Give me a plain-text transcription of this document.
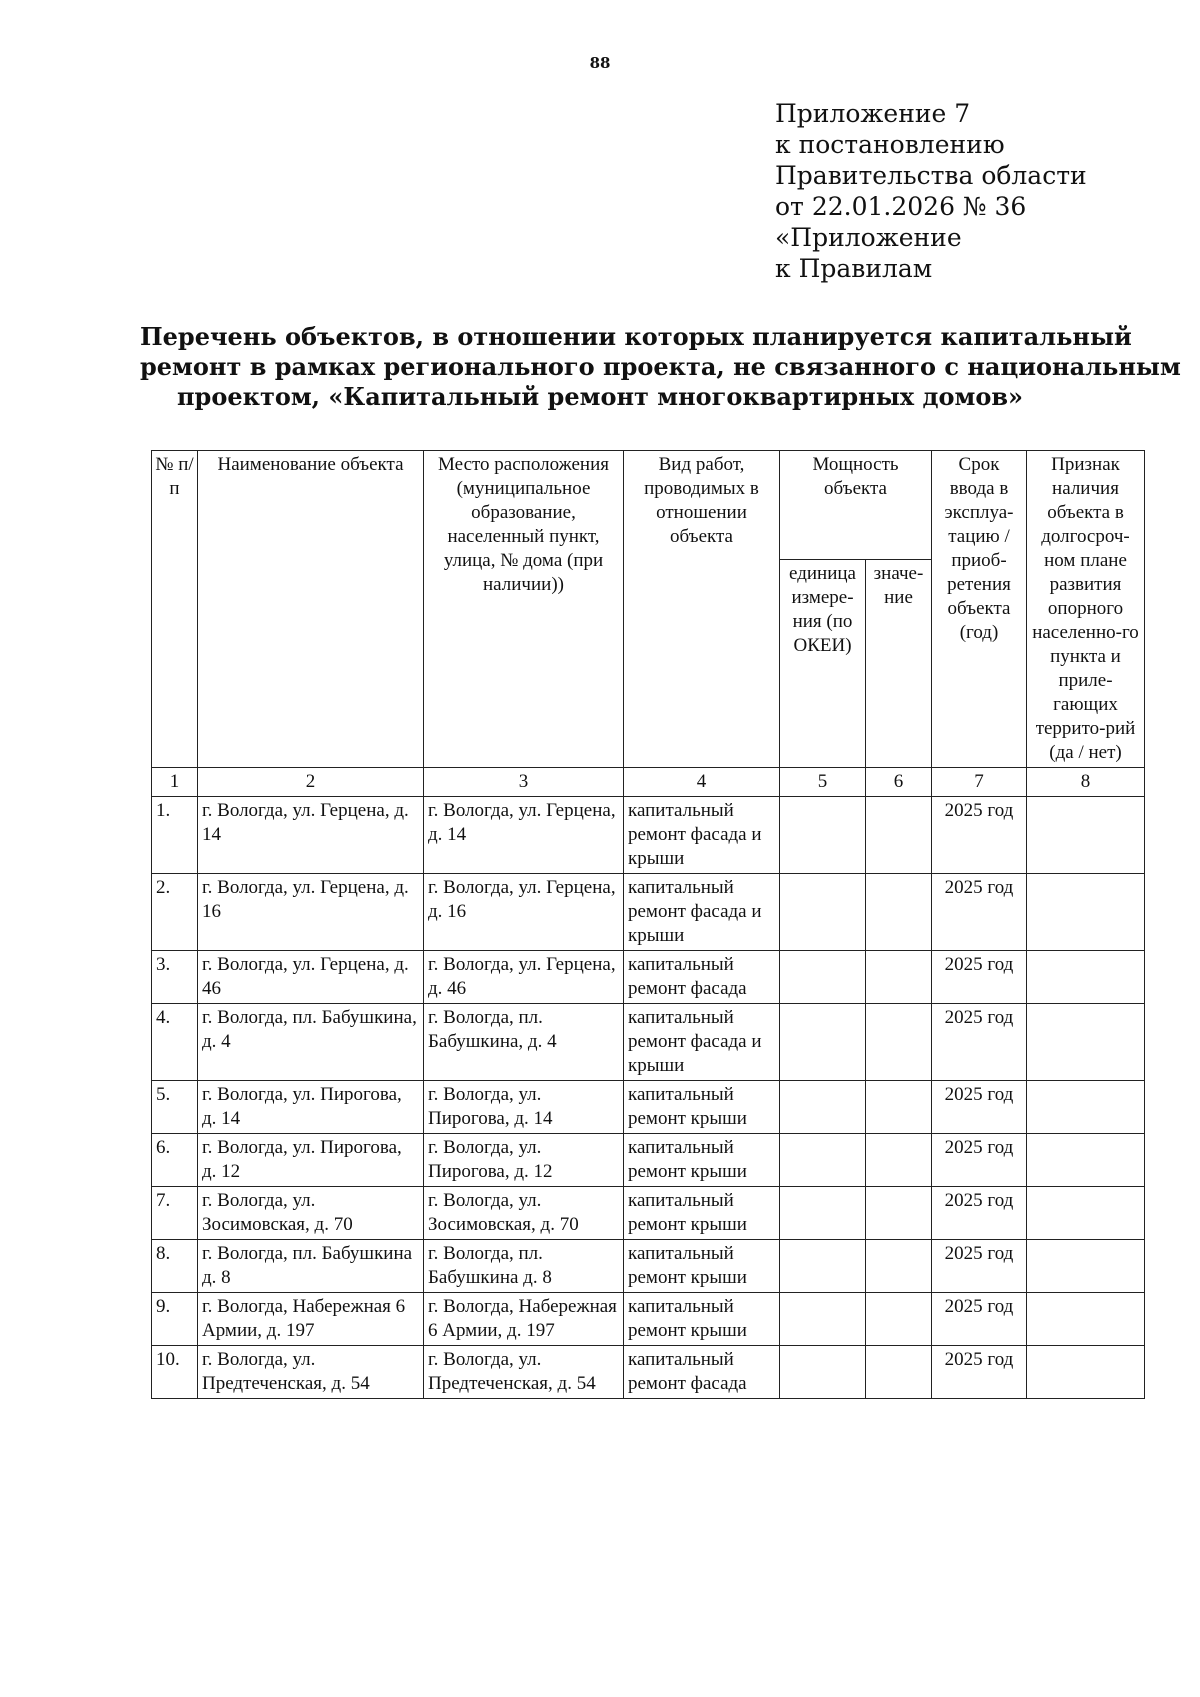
88
Приложение 7
к постановлению
Правительства области
от 22.01.2026 № 36
«Приложение
к Правилам
Перечень объектов, в отношении которых планируется капитальный
ремонт в рамках регионального проекта, не связанного с национальным
проектом, «Капитальный ремонт многоквартирных домов»
№ п/п	Наименование объекта	Место расположения (муниципальное образование, населенный пункт, улица, № дома (при наличии))	Вид работ, проводимых в отношении объекта	Мощность объекта		Срок ввода в эксплуа-тацию / приоб-ретения объекта (год)	Признак наличия объекта в долгосроч-ном плане развития опорного населенно-го пункта и приле-гающих террито-рий (да / нет)
				единица измере-ния (по ОКЕИ)	значе-ние		
1	2	3	4	5	6	7	8
1.	г. Вологда, ул. Герцена, д. 14	г. Вологда, ул. Герцена, д. 14	капитальный ремонт фасада и крыши			2025 год	
2.	г. Вологда, ул. Герцена, д. 16	г. Вологда, ул. Герцена, д. 16	капитальный ремонт фасада и крыши			2025 год	
3.	г. Вологда, ул. Герцена, д. 46	г. Вологда, ул. Герцена, д. 46	капитальный ремонт фасада			2025 год	
4.	г. Вологда, пл. Бабушкина, д. 4	г. Вологда, пл. Бабушкина, д. 4	капитальный ремонт фасада и крыши			2025 год	
5.	г. Вологда, ул. Пирогова, д. 14	г. Вологда, ул. Пирогова, д. 14	капитальный ремонт крыши			2025 год	
6.	г. Вологда, ул. Пирогова, д. 12	г. Вологда, ул. Пирогова, д. 12	капитальный ремонт крыши			2025 год	
7.	г. Вологда, ул. Зосимовская, д. 70	г. Вологда, ул. Зосимовская, д. 70	капитальный ремонт крыши			2025 год	
8.	г. Вологда, пл. Бабушкина д. 8	г. Вологда, пл. Бабушкина д. 8	капитальный ремонт крыши			2025 год	
9.	г. Вологда, Набережная 6 Армии, д. 197	г. Вологда, Набережная 6 Армии, д. 197	капитальный ремонт крыши			2025 год	
10.	г. Вологда, ул. Предтеченская, д. 54	г. Вологда, ул. Предтеченская, д. 54	капитальный ремонт фасада			2025 год	
